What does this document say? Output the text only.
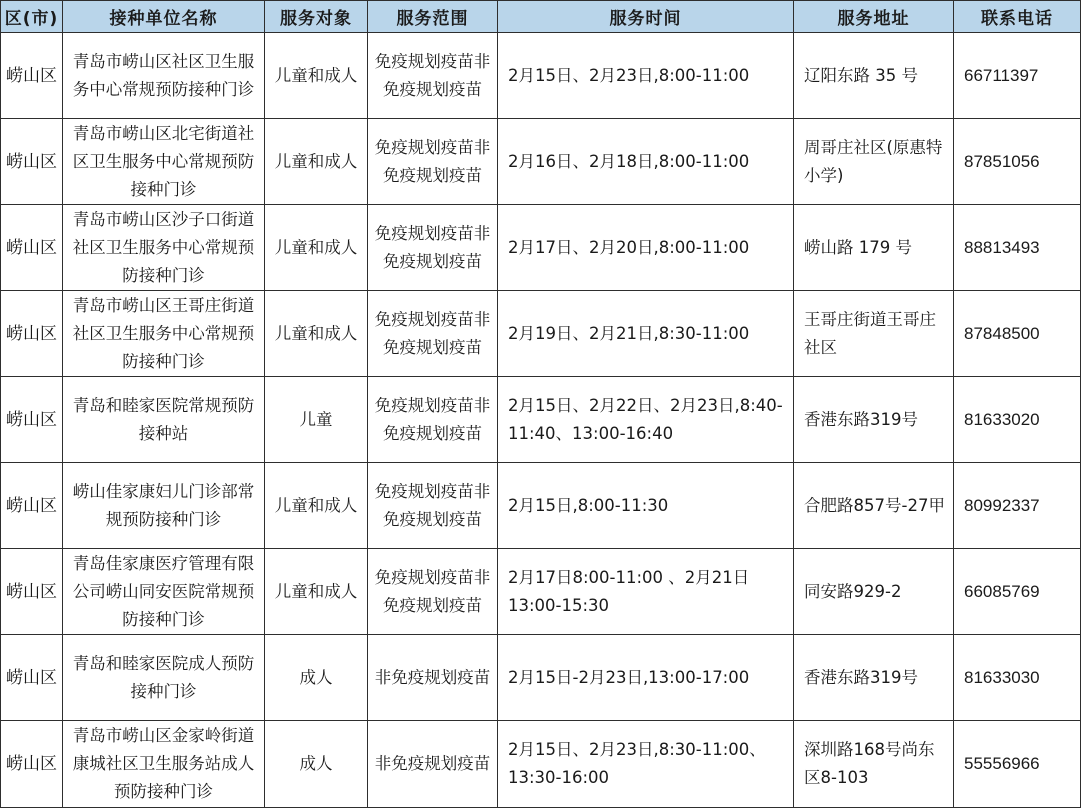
区(市)	接种单位名称	服务对象	服务范围	服务时间	服务地址	联系电话
崂山区	青岛市崂山区社区卫生服务中心常规预防接种门诊	儿童和成人	免疫规划疫苗非免疫规划疫苗	2月15日、2月23日,8:00-11:00	辽阳东路 35 号	66711397
崂山区	青岛市崂山区北宅街道社区卫生服务中心常规预防接种门诊	儿童和成人	免疫规划疫苗非免疫规划疫苗	2月16日、2月18日,8:00-11:00	周哥庄社区(原惠特小学)	87851056
崂山区	青岛市崂山区沙子口街道社区卫生服务中心常规预防接种门诊	儿童和成人	免疫规划疫苗非免疫规划疫苗	2月17日、2月20日,8:00-11:00	崂山路 179 号	88813493
崂山区	青岛市崂山区王哥庄街道社区卫生服务中心常规预防接种门诊	儿童和成人	免疫规划疫苗非免疫规划疫苗	2月19日、2月21日,8:30-11:00	王哥庄街道王哥庄社区	87848500
崂山区	青岛和睦家医院常规预防接种站	儿童	免疫规划疫苗非免疫规划疫苗	2月15日、2月22日、2月23日,8:40-11:40、13:00-16:40	香港东路319号	81633020
崂山区	崂山佳家康妇儿门诊部常规预防接种门诊	儿童和成人	免疫规划疫苗非免疫规划疫苗	2月15日,8:00-11:30	合肥路857号-27甲	80992337
崂山区	青岛佳家康医疗管理有限公司崂山同安医院常规预防接种门诊	儿童和成人	免疫规划疫苗非免疫规划疫苗	2月17日8:00-11:00 、2月21日13:00-15:30	同安路929-2	66085769
崂山区	青岛和睦家医院成人预防接种门诊	成人	非免疫规划疫苗	2月15日-2月23日,13:00-17:00	香港东路319号	81633030
崂山区	青岛市崂山区金家岭街道康城社区卫生服务站成人预防接种门诊	成人	非免疫规划疫苗	2月15日、2月23日,8:30-11:00、13:30-16:00	深圳路168号尚东区8-103	55556966
